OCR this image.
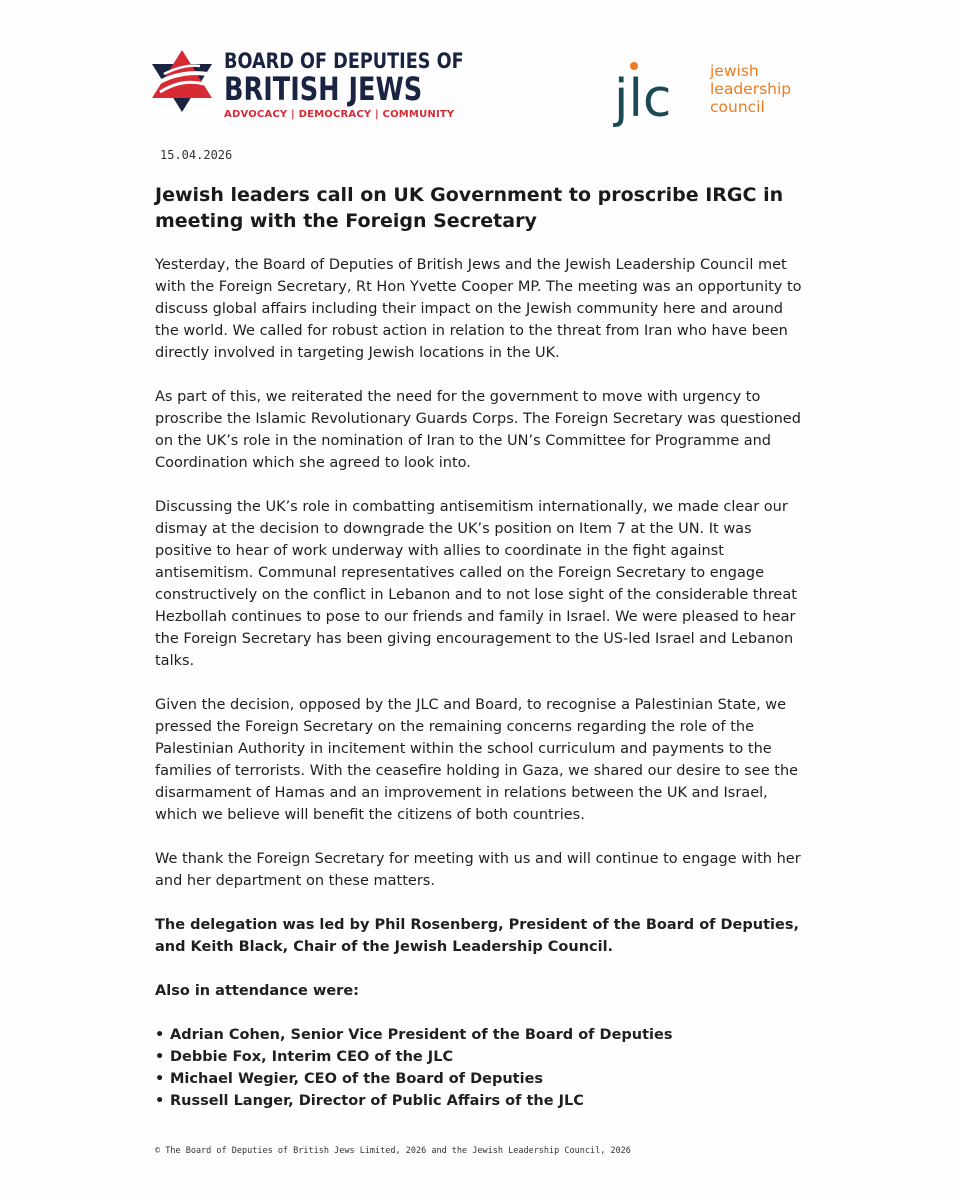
BOARD OF DEPUTIES OF
BRITISH JEWS
ADVOCACY | DEMOCRACY | COMMUNITY	jlc jewish
leadership
council
15.04.2026
Jewish leaders call on UK Government to proscribe IRGC in meeting with the Foreign Secretary

Yesterday, the Board of Deputies of British Jews and the Jewish Leadership Council met with the Foreign Secretary, Rt Hon Yvette Cooper MP. The meeting was an opportunity to discuss global affairs including their impact on the Jewish community here and around the world. We called for robust action in relation to the threat from Iran who have been directly involved in targeting Jewish locations in the UK.

As part of this, we reiterated the need for the government to move with urgency to proscribe the Islamic Revolutionary Guards Corps. The Foreign Secretary was questioned on the UK’s role in the nomination of Iran to the UN’s Committee for Programme and Coordination which she agreed to look into.

Discussing the UK’s role in combatting antisemitism internationally, we made clear our dismay at the decision to downgrade the UK’s position on Item 7 at the UN. It was positive to hear of work underway with allies to coordinate in the fight against antisemitism. Communal representatives called on the Foreign Secretary to engage constructively on the conflict in Lebanon and to not lose sight of the considerable threat Hezbollah continues to pose to our friends and family in Israel. We were pleased to hear the Foreign Secretary has been giving encouragement to the US-led Israel and Lebanon talks.

Given the decision, opposed by the JLC and Board, to recognise a Palestinian State, we pressed the Foreign Secretary on the remaining concerns regarding the role of the Palestinian Authority in incitement within the school curriculum and payments to the families of terrorists. With the ceasefire holding in Gaza, we shared our desire to see the disarmament of Hamas and an improvement in relations between the UK and Israel, which we believe will benefit the citizens of both countries.

We thank the Foreign Secretary for meeting with us and will continue to engage with her and her department on these matters.

The delegation was led by Phil Rosenberg, President of the Board of Deputies, and Keith Black, Chair of the Jewish Leadership Council.

Also in attendance were:

• Adrian Cohen, Senior Vice President of the Board of Deputies
• Debbie Fox, Interim CEO of the JLC
• Michael Wegier, CEO of the Board of Deputies
• Russell Langer, Director of Public Affairs of the JLC
© The Board of Deputies of British Jews Limited, 2026 and the Jewish Leadership Council, 2026
